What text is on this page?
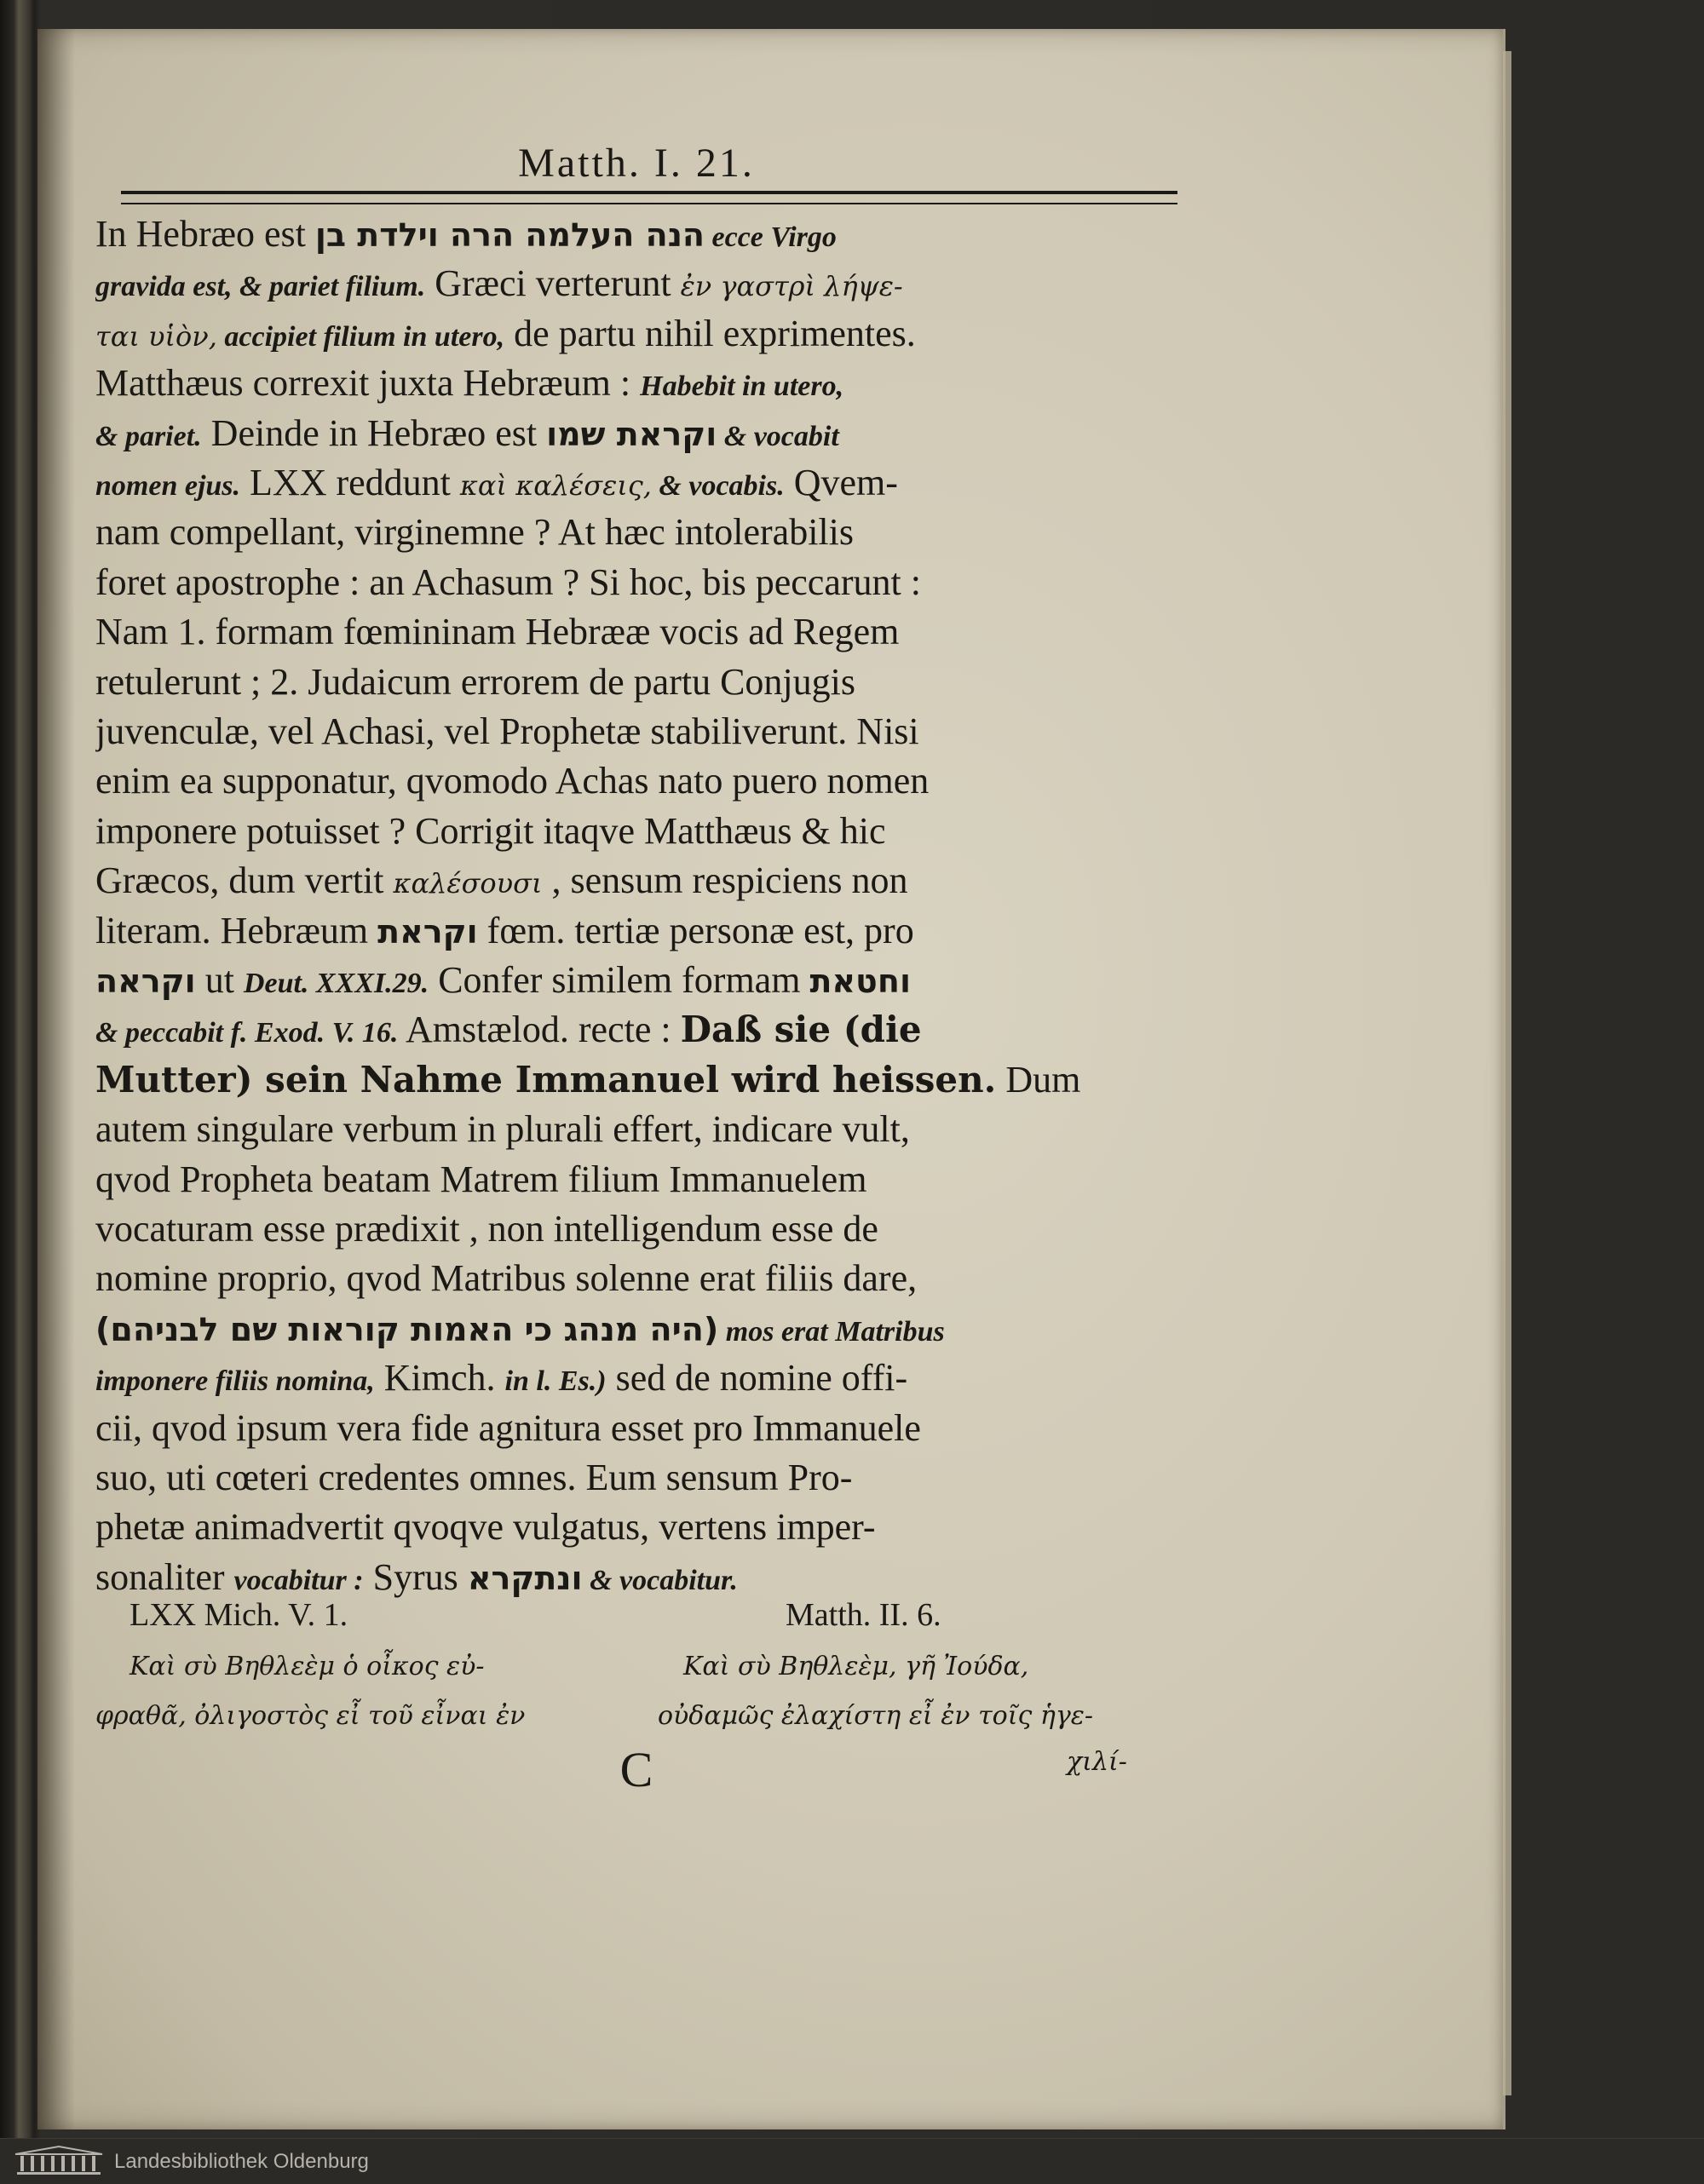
Matth. I. 21.
In Hebræo est הנה העלמה הרה וילדת בן ecce Virgo
gravida est, & pariet filium. Græci verterunt ἐν γαστρὶ λήψε-
ται υἱὸν, accipiet filium in utero, de partu nihil exprimentes.
Matthæus correxit juxta Hebræum : Habebit in utero,
& pariet. Deinde in Hebræo est וקראת שמו & vocabit
nomen ejus. LXX reddunt καὶ καλέσεις, & vocabis. Qvem-
nam compellant, virginemne ? At hæc intolerabilis
foret apostrophe : an Achasum ? Si hoc, bis peccarunt :
Nam 1. formam fœmininam Hebrææ vocis ad Regem
retulerunt ; 2. Judaicum errorem de partu Conjugis
juvenculæ, vel Achasi, vel Prophetæ stabiliverunt. Nisi
enim ea supponatur, qvomodo Achas nato puero nomen
imponere potuisset ? Corrigit itaqve Matthæus & hic
Græcos, dum vertit καλέσουσι , sensum respiciens non
literam. Hebræum וקראת fœm. tertiæ personæ est, pro
וקראה ut Deut. XXXI.29. Confer similem formam וחטאת
& peccabit f. Exod. V. 16. Amstælod. recte : Daß sie (die
Mutter) sein Nahme Immanuel wird heissen. Dum
autem singulare verbum in plurali effert, indicare vult,
qvod Propheta beatam Matrem filium Immanuelem
vocaturam esse prædixit , non intelligendum esse de
nomine proprio, qvod Matribus solenne erat filiis dare,
(היה מנהג כי האמות קוראות שם לבניהם) mos erat Matribus
imponere filiis nomina, Kimch. in l. Es.) sed de nomine offi-
cii, qvod ipsum vera fide agnitura esset pro Immanuele
suo, uti cœteri credentes omnes. Eum sensum Pro-
phetæ animadvertit qvoqve vulgatus, vertens imper-
sonaliter vocabitur : Syrus ונתקרא & vocabitur.
LXX Mich. V. 1.	Matth. II. 6.
Καὶ σὺ Βηθλεὲμ ὁ οἶκος εὐ-
φραθᾶ, ὀλιγοστὸς εἶ τοῦ εἶναι ἐν
Καὶ σὺ Βηθλεὲμ, γῆ Ἰούδα,
οὐδαμῶς ἐλαχίστη εἶ ἐν τοῖς ἡγε-
χιλί-
C
Landesbibliothek Oldenburg
